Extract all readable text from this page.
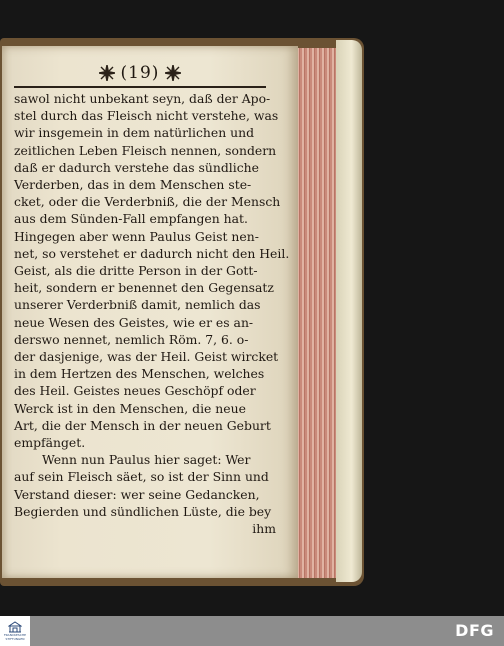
(19)
sawol nicht unbekant seyn, daß der Apo-
stel durch das Fleisch nicht verstehe, was
wir insgemein in dem natürlichen und
zeitlichen Leben Fleisch nennen, sondern
daß er dadurch verstehe das sündliche
Verderben, das in dem Menschen ste-
cket, oder die Verderbniß, die der Mensch
aus dem Sünden-Fall empfangen hat.
Hingegen aber wenn Paulus Geist nen-
net, so verstehet er dadurch nicht den Heil.
Geist, als die dritte Person in der Gott-
heit, sondern er benennet den Gegensatz
unserer Verderbniß damit, nemlich das
neue Wesen des Geistes, wie er es an-
derswo nennet, nemlich Röm. 7, 6. o-
der dasjenige, was der Heil. Geist wircket
in dem Hertzen des Menschen, welches
des Heil. Geistes neues Geschöpf oder
Werck ist in den Menschen, die neue
Art, die der Mensch in der neuen Geburt
empfänget.
Wenn nun Paulus hier saget: Wer
auf sein Fleisch säet, so ist der Sinn und
Verstand dieser: wer seine Gedancken,
Begierden und sündlichen Lüste, die bey
ihm
FRANCKESCHE
STIFTUNGEN	DFG
